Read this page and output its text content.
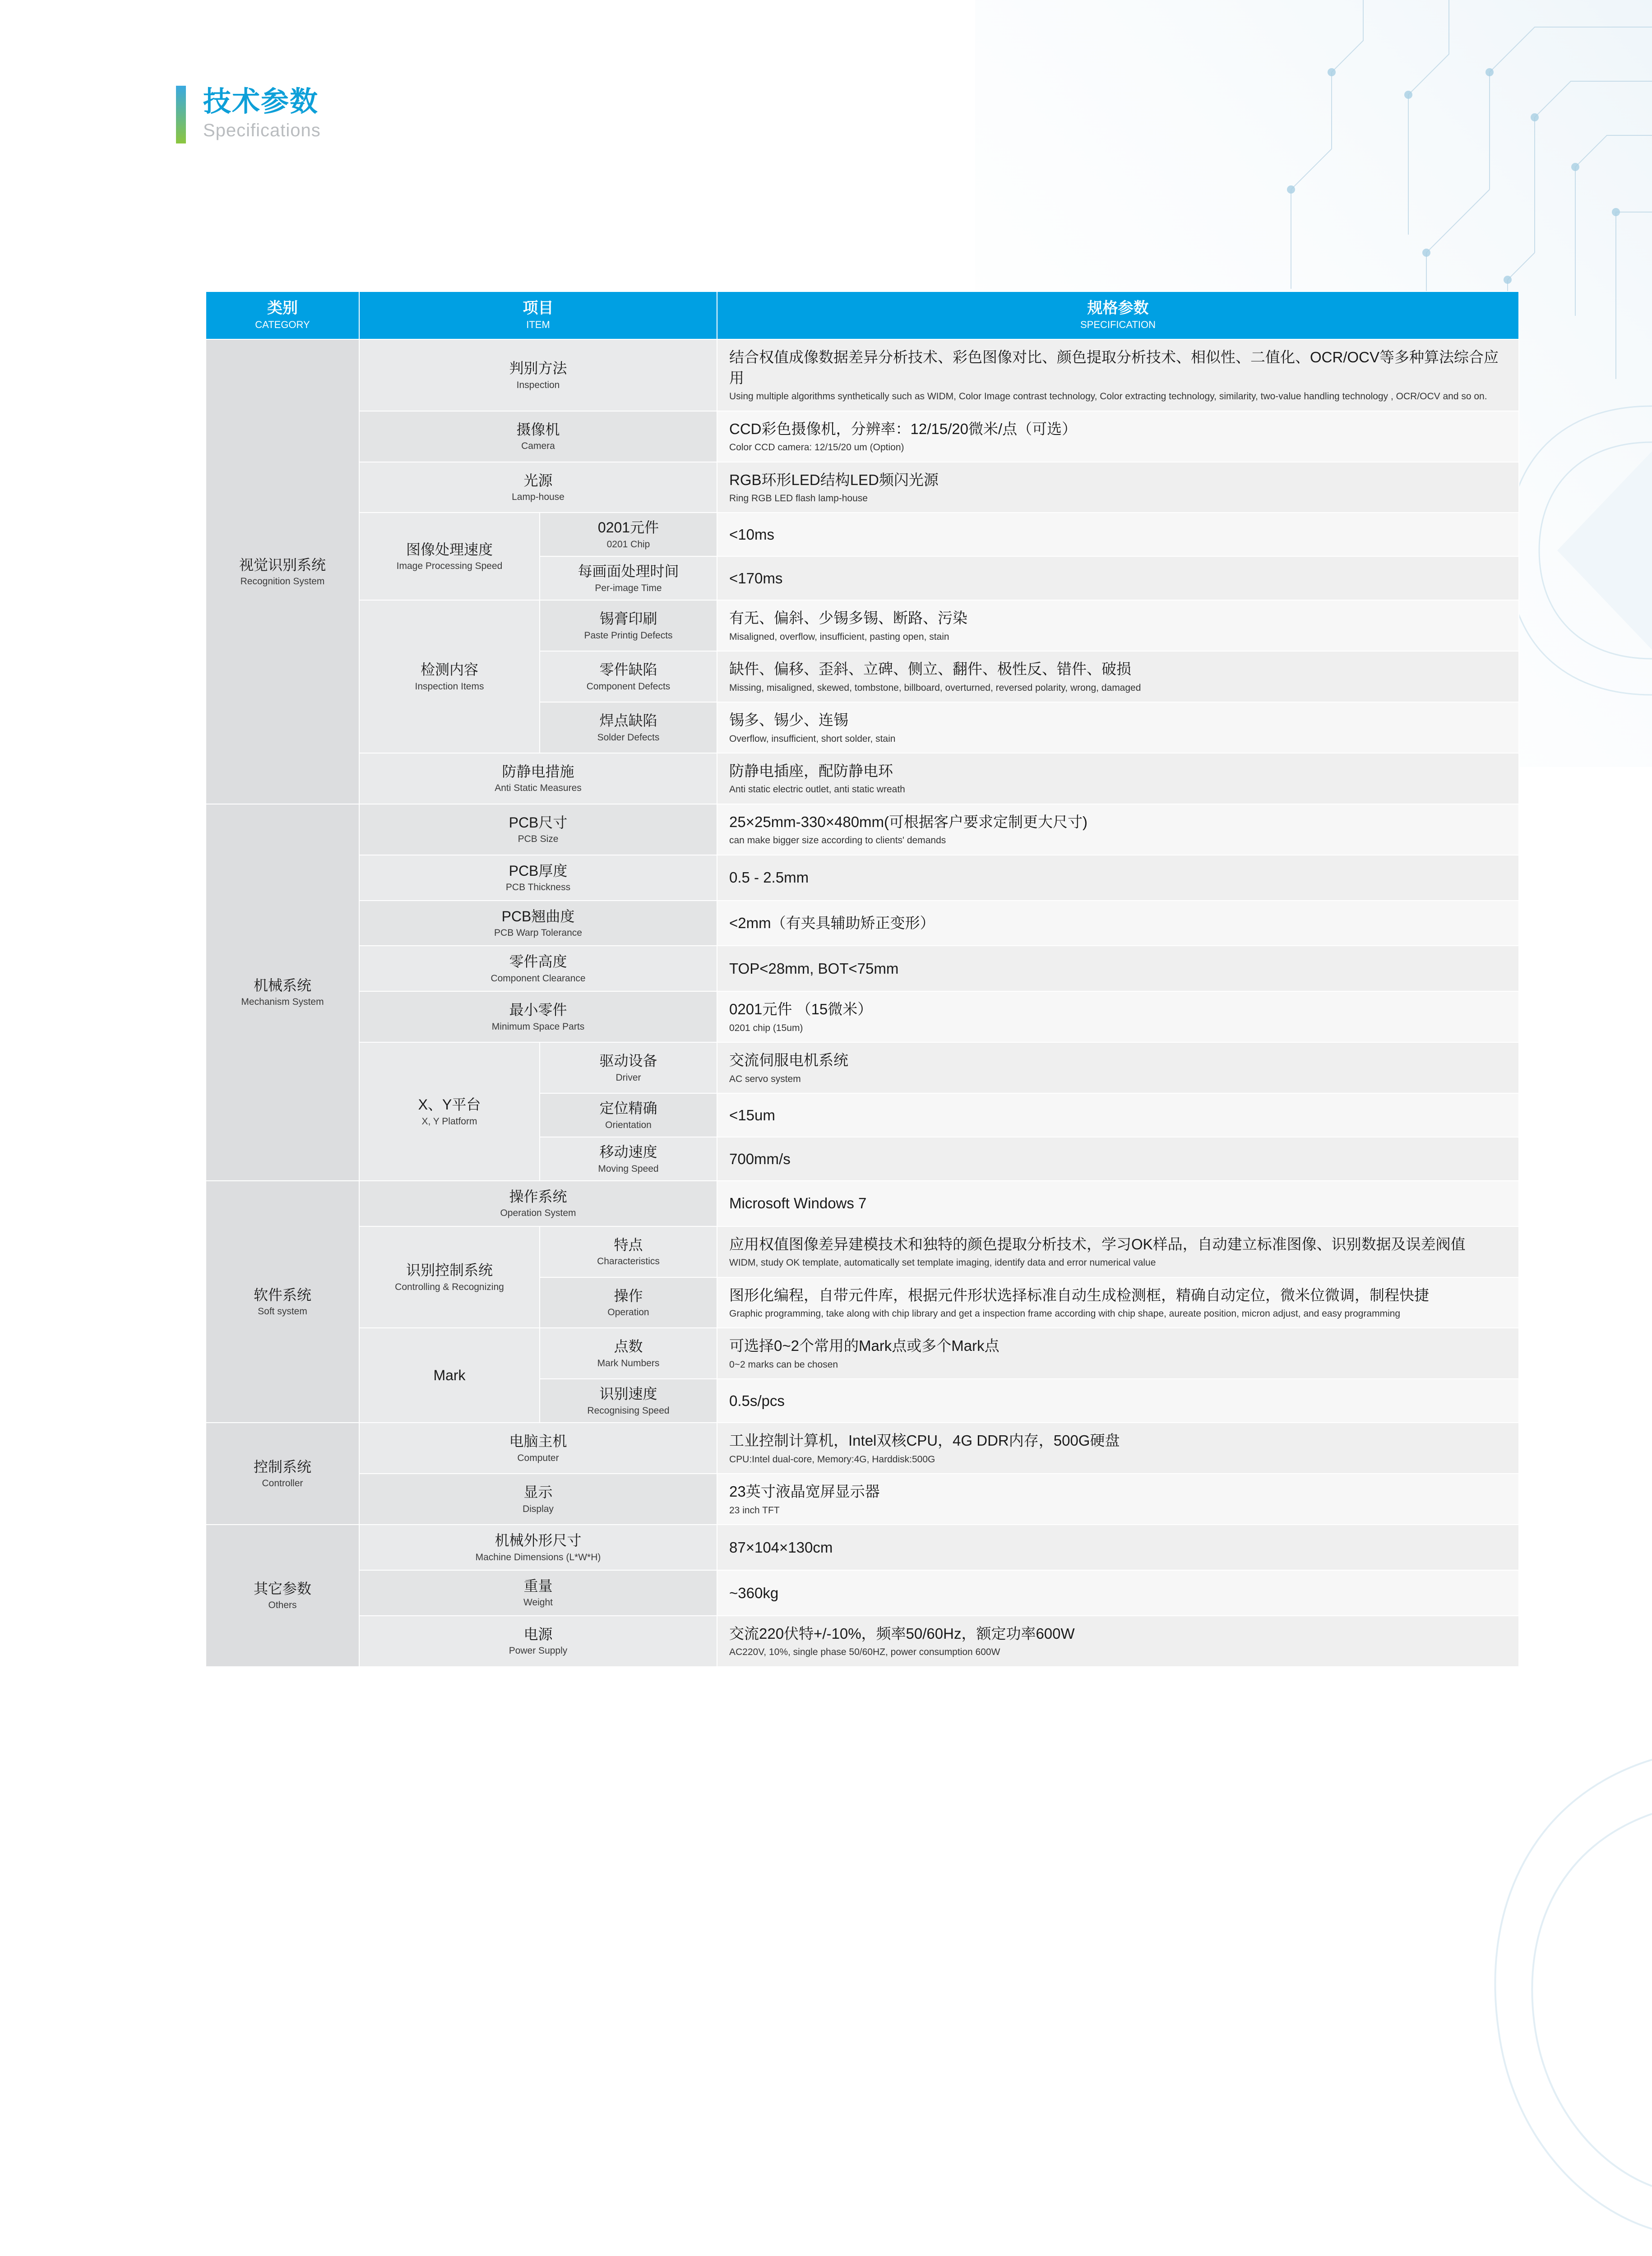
技术参数
Specifications
类别
CATEGORY	项目
ITEM		规格参数
SPECIFICATION

视觉识别系统
Recognition System	判别方法
Inspection		结合权值成像数据差异分析技术、彩色图像对比、颜色提取分析技术、相似性、二值化、OCR/OCV等多种算法综合应用
Using multiple algorithms synthetically such as WIDM, Color Image contrast technology, Color extracting technology, similarity, two-value handling technology , OCR/OCV and so on.

	摄像机
Camera		CCD彩色摄像机，分辨率：12/15/20微米/点（可选）
Color CCD camera: 12/15/20 um (Option)

	光源
Lamp-house		RGB环形LED结构LED频闪光源
Ring RGB LED flash lamp-house

	图像处理速度
Image Processing Speed	0201元件
0201 Chip	<10ms

		每画面处理时间
Per-image Time	<170ms

	检测内容
Inspection Items	锡膏印刷
Paste Printig Defects	有无、偏斜、少锡多锡、断路、污染
Misaligned, overflow, insufficient, pasting open, stain

		零件缺陷
Component Defects	缺件、偏移、歪斜、立碑、侧立、翻件、极性反、错件、破损
Missing, misaligned, skewed, tombstone, billboard, overturned, reversed polarity, wrong, damaged

		焊点缺陷
Solder Defects	锡多、锡少、连锡
Overflow, insufficient, short solder, stain

	防静电措施
Anti Static Measures		防静电插座，配防静电环
Anti static electric outlet, anti static wreath

机械系统
Mechanism System	PCB尺寸
PCB Size		25×25mm-330×480mm(可根据客户要求定制更大尺寸)
can make bigger size according to clients' demands

	PCB厚度
PCB Thickness		0.5 - 2.5mm

	PCB翘曲度
PCB Warp Tolerance		<2mm（有夹具辅助矫正变形）

	零件高度
Component Clearance		TOP<28mm, BOT<75mm

	最小零件
Minimum Space Parts		0201元件 （15微米）
0201 chip (15um)

	X、Y平台
X, Y Platform	驱动设备
Driver	交流伺服电机系统
AC servo system

		定位精确
Orientation	<15um

		移动速度
Moving Speed	700mm/s

软件系统
Soft system	操作系统
Operation System		Microsoft Windows 7

	识别控制系统
Controlling & Recognizing	特点
Characteristics	应用权值图像差异建模技术和独特的颜色提取分析技术，学习OK样品，自动建立标准图像、识别数据及误差阀值
WIDM, study OK template, automatically set template imaging, identify data and error numerical value

		操作
Operation	图形化编程，自带元件库，根据元件形状选择标准自动生成检测框，精确自动定位，微米位微调，制程快捷
Graphic programming, take along with chip library and get a inspection frame according with chip shape, aureate position, micron adjust, and easy programming

	Mark	点数
Mark Numbers	可选择0~2个常用的Mark点或多个Mark点
0~2 marks can be chosen

		识别速度
Recognising Speed	0.5s/pcs

控制系统
Controller	电脑主机
Computer		工业控制计算机，Intel双核CPU，4G DDR内存，500G硬盘
CPU:Intel dual-core, Memory:4G, Harddisk:500G

	显示
Display		23英寸液晶宽屏显示器
23 inch TFT

其它参数
Others	机械外形尺寸
Machine Dimensions (L*W*H)		87×104×130cm

	重量
Weight		~360kg

	电源
Power Supply		交流220伏特+/-10%，频率50/60Hz，额定功率600W
AC220V, 10%, single phase 50/60HZ, power consumption 600W
